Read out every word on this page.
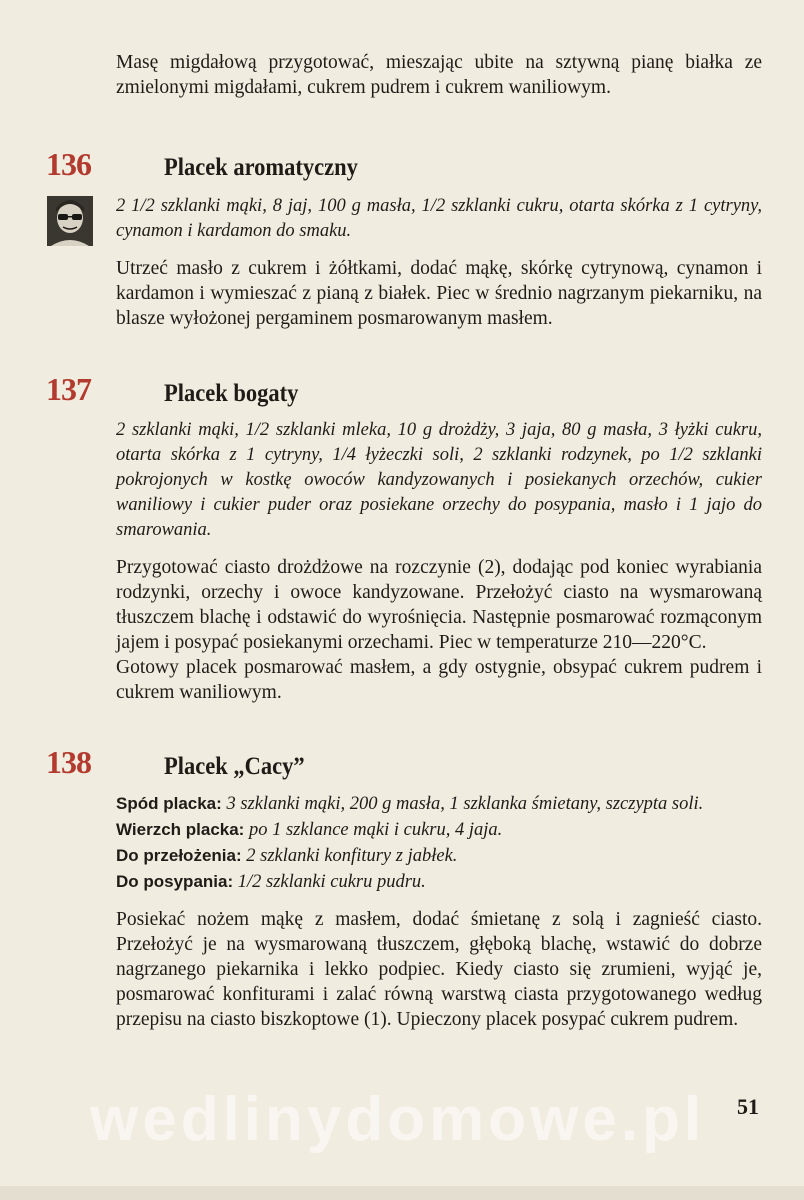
Masę migdałową przygotować, mieszając ubite na sztywną pianę białka ze zmielonymi migdałami, cukrem pudrem i cukrem waniliowym.

136	Placek aromatyczny

2 1/2 szklanki mąki, 8 jaj, 100 g masła, 1/2 szklanki cukru, otarta skórka z 1 cytryny, cynamon i kardamon do smaku.

Utrzeć masło z cukrem i żółtkami, dodać mąkę, skórkę cytrynową, cynamon i kardamon i wymieszać z pianą z białek. Piec w średnio nagrzanym piekarniku, na blasze wyłożonej pergaminem posmarowanym masłem.

137	Placek bogaty

2 szklanki mąki, 1/2 szklanki mleka, 10 g drożdży, 3 jaja, 80 g masła, 3 łyżki cukru, otarta skórka z 1 cytryny, 1/4 łyżeczki soli, 2 szklanki rodzynek, po 1/2 szklanki pokrojonych w kostkę owoców kandyzowanych i posiekanych orzechów, cukier waniliowy i cukier puder oraz posiekane orzechy do posypania, masło i 1 jajo do smarowania.

Przygotować ciasto drożdżowe na rozczynie (2), dodając pod koniec wyrabiania rodzynki, orzechy i owoce kandyzowane. Przełożyć ciasto na wysmarowaną tłuszczem blachę i odstawić do wyrośnięcia. Następnie posmarować rozmąconym jajem i posypać posiekanymi orzechami. Piec w temperaturze 210—220°C.

Gotowy placek posmarować masłem, a gdy ostygnie, obsypać cukrem pudrem i cukrem waniliowym.

138	Placek „Cacy”

Spód placka: 3 szklanki mąki, 200 g masła, 1 szklanka śmietany, szczypta soli.

Wierzch placka: po 1 szklance mąki i cukru, 4 jaja.

Do przełożenia: 2 szklanki konfitury z jabłek.

Do posypania: 1/2 szklanki cukru pudru.

Posiekać nożem mąkę z masłem, dodać śmietanę z solą i zagnieść ciasto. Przełożyć je na wysmarowaną tłuszczem, głęboką blachę, wstawić do dobrze nagrzanego piekarnika i lekko podpiec. Kiedy ciasto się zrumieni, wyjąć je, posmarować konfiturami i zalać równą warstwą ciasta przygotowanego według przepisu na ciasto biszkoptowe (1). Upieczony placek posypać cukrem pudrem.

wedlinydomowe.pl 51
